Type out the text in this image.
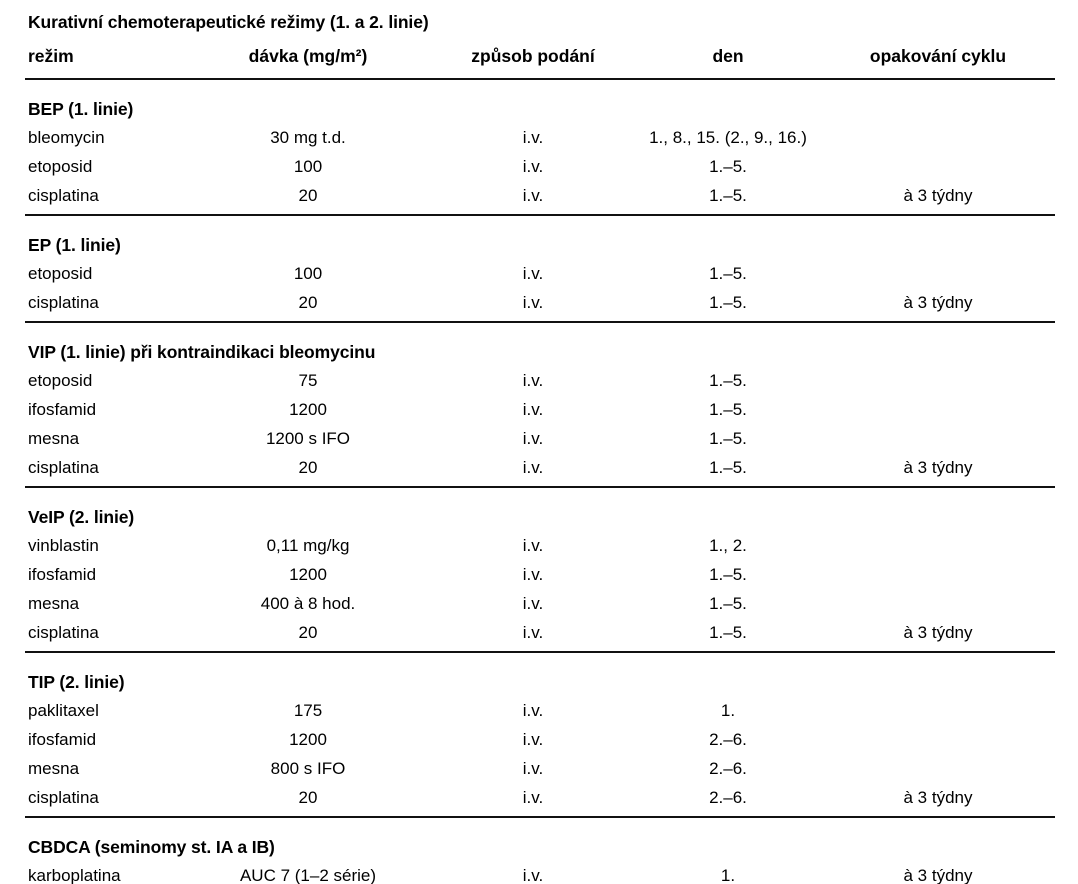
Kurativní chemoterapeutické režimy (1. a 2. linie)
režim	dávka (mg/m²)	způsob podání	den	opakování cyklu
BEP (1. linie)				
bleomycin	30 mg t.d.	i.v.	1., 8., 15. (2., 9., 16.)	
etoposid	100	i.v.	1.–5.	
cisplatina	20	i.v.	1.–5.	à 3 týdny
EP (1. linie)				
etoposid	100	i.v.	1.–5.	
cisplatina	20	i.v.	1.–5.	à 3 týdny
VIP (1. linie) při kontraindikaci bleomycinu				
etoposid	75	i.v.	1.–5.	
ifosfamid	1200	i.v.	1.–5.	
mesna	1200 s IFO	i.v.	1.–5.	
cisplatina	20	i.v.	1.–5.	à 3 týdny
VeIP (2. linie)				
vinblastin	0,11 mg/kg	i.v.	1., 2.	
ifosfamid	1200	i.v.	1.–5.	
mesna	400 à 8 hod.	i.v.	1.–5.	
cisplatina	20	i.v.	1.–5.	à 3 týdny
TIP (2. linie)				
paklitaxel	175	i.v.	1.	
ifosfamid	1200	i.v.	2.–6.	
mesna	800 s IFO	i.v.	2.–6.	
cisplatina	20	i.v.	2.–6.	à 3 týdny
CBDCA (seminomy st. IA a IB)				
karboplatina	AUC 7 (1–2 série)	i.v.	1.	à 3 týdny
